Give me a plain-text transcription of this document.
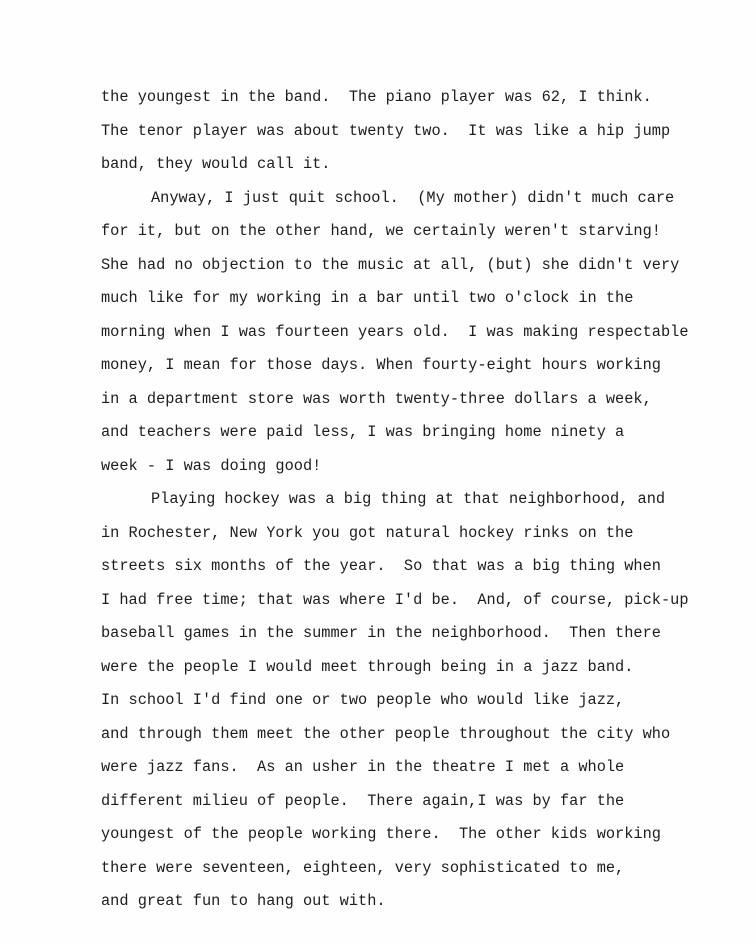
the youngest in the band.  The piano player was 62, I think.
The tenor player was about twenty two.  It was like a hip jump
band, they would call it.
Anyway, I just quit school.  (My mother) didn't much care
for it, but on the other hand, we certainly weren't starving!
She had no objection to the music at all, (but) she didn't very
much like for my working in a bar until two o'clock in the
morning when I was fourteen years old.  I was making respectable
money, I mean for those days. When fourty-eight hours working
in a department store was worth twenty-three dollars a week,
and teachers were paid less, I was bringing home ninety a
week - I was doing good!
Playing hockey was a big thing at that neighborhood, and
in Rochester, New York you got natural hockey rinks on the
streets six months of the year.  So that was a big thing when
I had free time; that was where I'd be.  And, of course, pick-up
baseball games in the summer in the neighborhood.  Then there
were the people I would meet through being in a jazz band.
In school I'd find one or two people who would like jazz,
and through them meet the other people throughout the city who
were jazz fans.  As an usher in the theatre I met a whole
different milieu of people.  There again,I was by far the
youngest of the people working there.  The other kids working
there were seventeen, eighteen, very sophisticated to me,
and great fun to hang out with.
